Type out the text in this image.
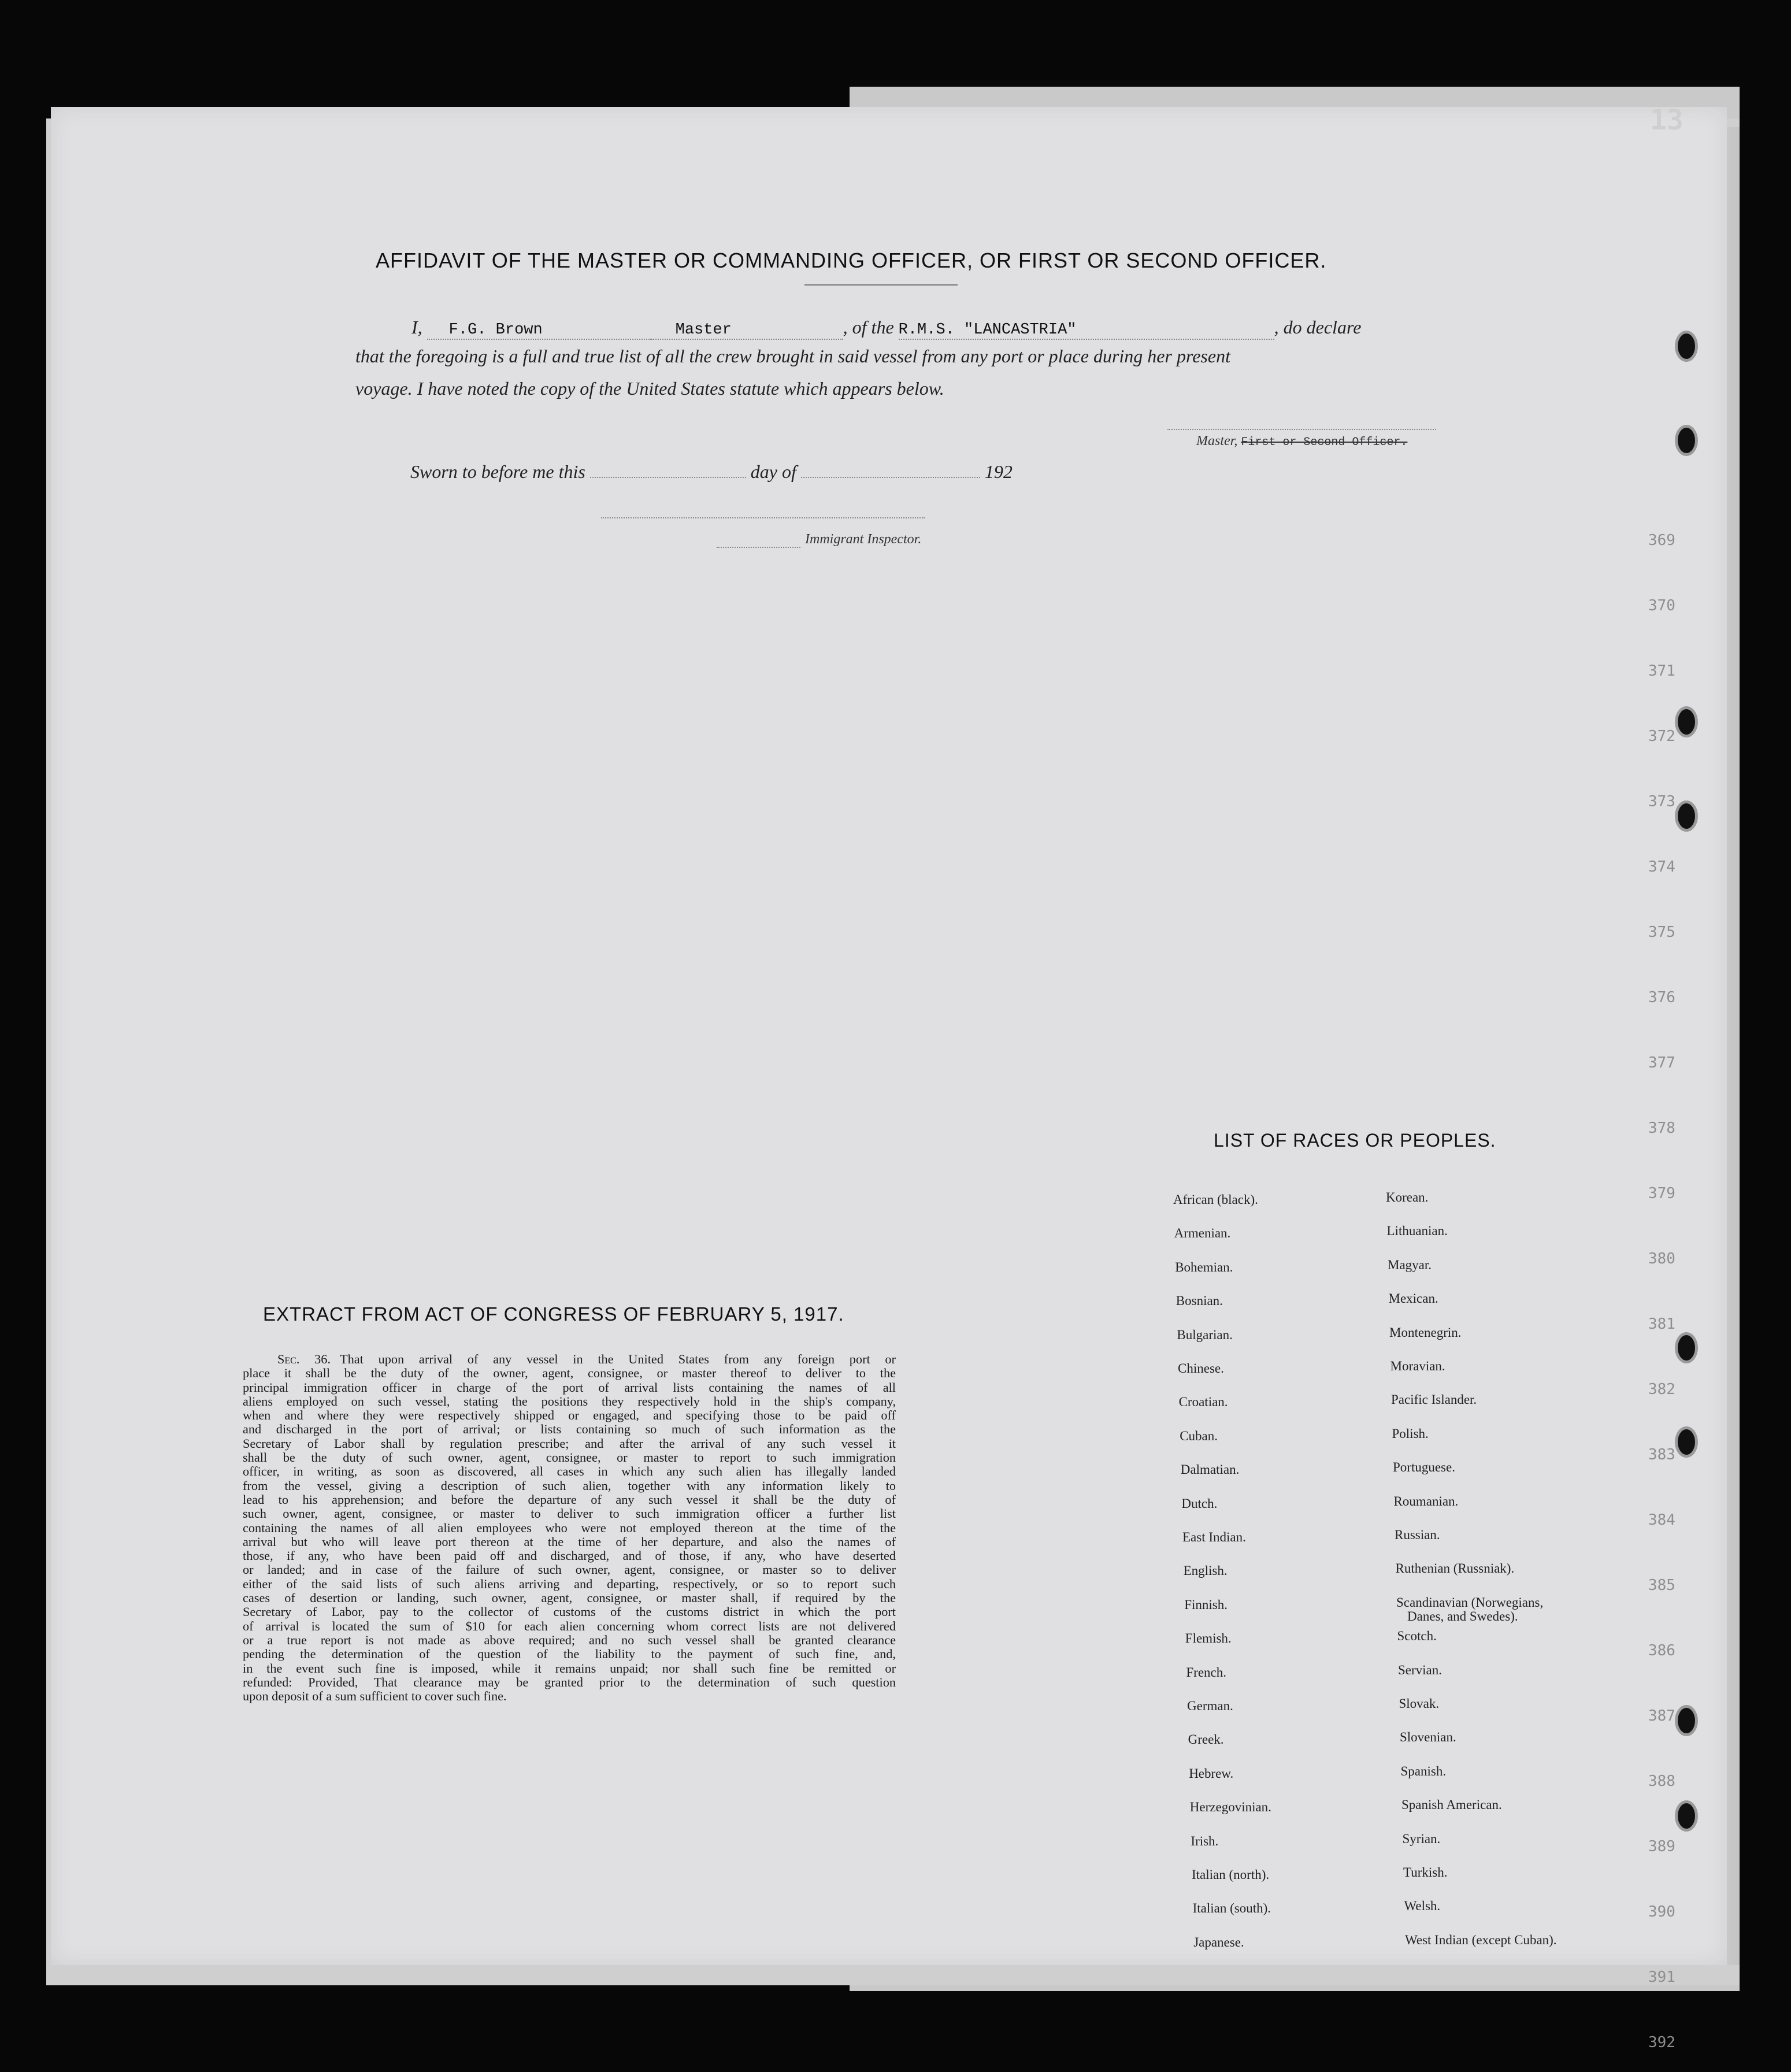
13
369
370
371
372
373
374
375
376
377
378
379
380
381
382
383
384
385
386
387
388
389
390
391
392
AFFIDAVIT OF THE MASTER OR COMMANDING OFFICER, OR FIRST OR SECOND OFFICER.
I, F.G. Brown	Master	, of the R.M.S. "LANCASTRIA"	, do declare
that the foregoing is a full and true list of all the crew brought in said vessel from any port or place during her present
voyage. I have noted the copy of the United States statute which appears below.
Master, First or Second Officer.
Sworn to before me this	day of	192
Immigrant Inspector.
EXTRACT FROM ACT OF CONGRESS OF FEBRUARY 5, 1917.
Sec. 36. That upon arrival of any vessel in the United States from any foreign port or
place it shall be the duty of the owner, agent, consignee, or master thereof to deliver to the
principal immigration officer in charge of the port of arrival lists containing the names of all
aliens employed on such vessel, stating the positions they respectively hold in the ship's company,
when and where they were respectively shipped or engaged, and specifying those to be paid off
and discharged in the port of arrival; or lists containing so much of such information as the
Secretary of Labor shall by regulation prescribe; and after the arrival of any such vessel it
shall be the duty of such owner, agent, consignee, or master to report to such immigration
officer, in writing, as soon as discovered, all cases in which any such alien has illegally landed
from the vessel, giving a description of such alien, together with any information likely to
lead to his apprehension; and before the departure of any such vessel it shall be the duty of
such owner, agent, consignee, or master to deliver to such immigration officer a further list
containing the names of all alien employees who were not employed thereon at the time of the
arrival but who will leave port thereon at the time of her departure, and also the names of
those, if any, who have been paid off and discharged, and of those, if any, who have deserted
or landed; and in case of the failure of such owner, agent, consignee, or master so to deliver
either of the said lists of such aliens arriving and departing, respectively, or so to report such
cases of desertion or landing, such owner, agent, consignee, or master shall, if required by the
Secretary of Labor, pay to the collector of customs of the customs district in which the port
of arrival is located the sum of $10 for each alien concerning whom correct lists are not delivered
or a true report is not made as above required; and no such vessel shall be granted clearance
pending the determination of the question of the liability to the payment of such fine, and,
in the event such fine is imposed, while it remains unpaid; nor shall such fine be remitted or
refunded: Provided, That clearance may be granted prior to the determination of such question
upon deposit of a sum sufficient to cover such fine.
LIST OF RACES OR PEOPLES.
African (black).
Armenian.
Bohemian.
Bosnian.
Bulgarian.
Chinese.
Croatian.
Cuban.
Dalmatian.
Dutch.
East Indian.
English.
Finnish.
Flemish.
French.
German.
Greek.
Hebrew.
Herzegovinian.
Irish.
Italian (north).
Italian (south).
Japanese.
Korean.
Lithuanian.
Magyar.
Mexican.
Montenegrin.
Moravian.
Pacific Islander.
Polish.
Portuguese.
Roumanian.
Russian.
Ruthenian (Russniak).
Scandinavian (Norwegians,
Scotch.
Servian.
Slovak.
Slovenian.
Spanish.
Spanish American.
Syrian.
Turkish.
Welsh.
West Indian (except Cuban).
Danes, and Swedes).
